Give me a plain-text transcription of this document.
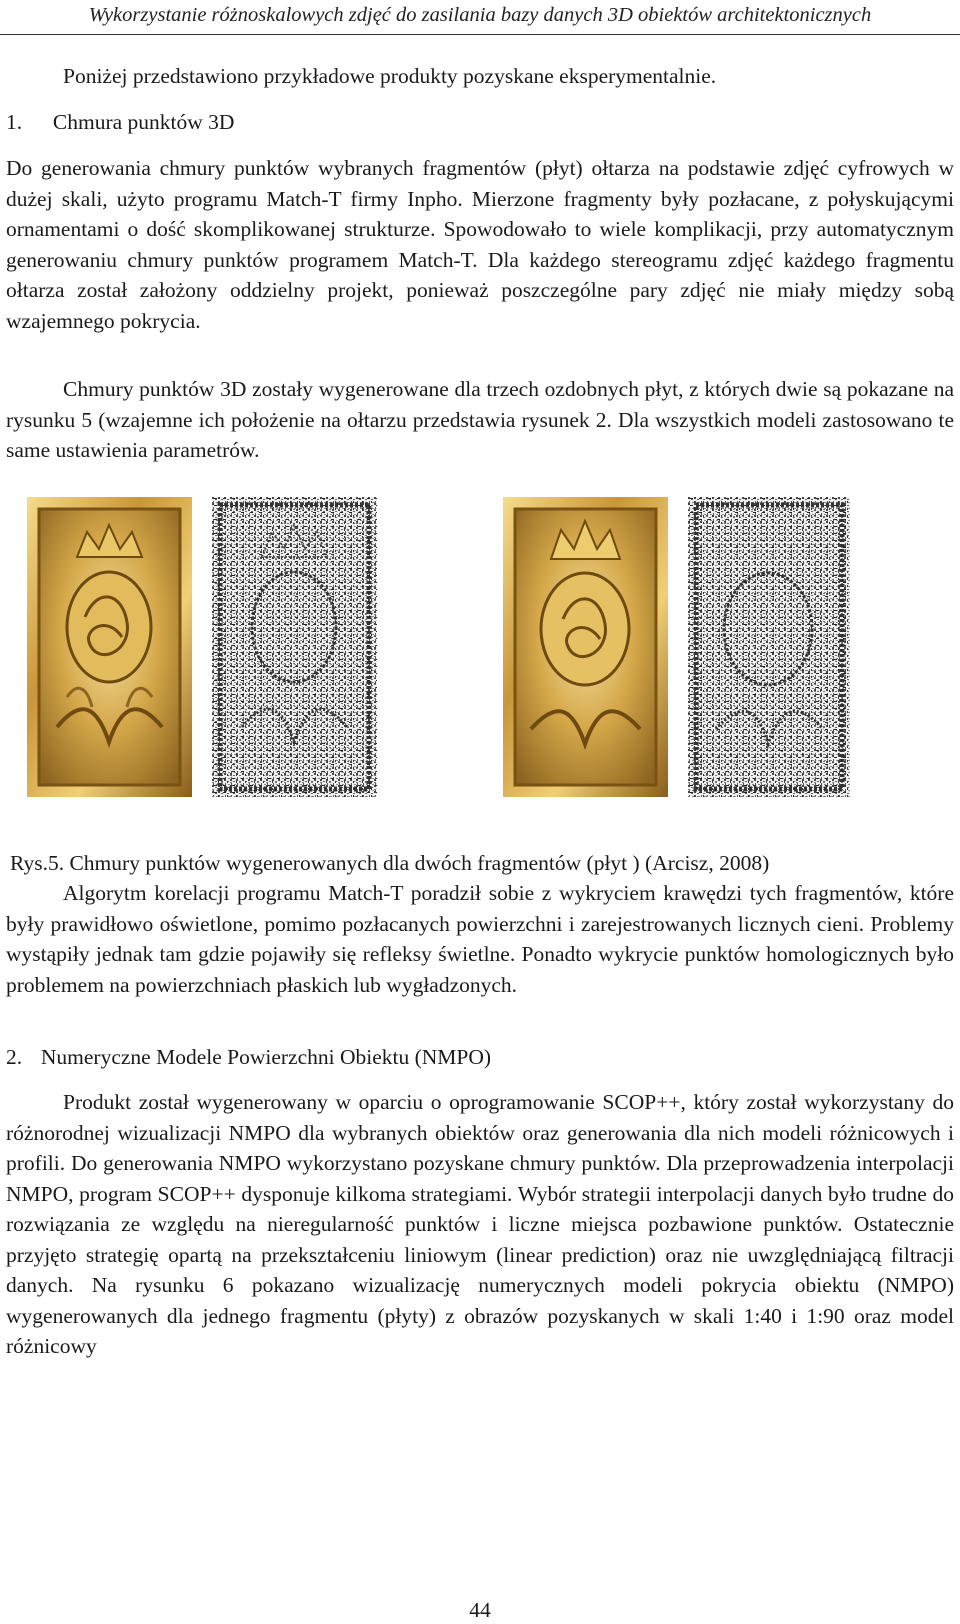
Wykorzystanie różnoskalowych zdjęć do zasilania bazy danych 3D obiektów architektonicznych
Poniżej przedstawiono przykładowe produkty pozyskane eksperymentalnie.
1. Chmura punktów 3D
Do generowania chmury punktów wybranych fragmentów (płyt) ołtarza na podstawie zdjęć cyfrowych w dużej skali, użyto programu Match-T firmy Inpho. Mierzone fragmenty były pozłacane, z połyskującymi ornamentami o dość skomplikowanej strukturze. Spowodowało to wiele komplikacji, przy automatycznym generowaniu chmury punktów programem Match-T. Dla każdego stereogramu zdjęć każdego fragmentu ołtarza został założony oddzielny projekt, ponieważ poszczególne pary zdjęć nie miały między sobą wzajemnego pokrycia.
Chmury punktów 3D zostały wygenerowane dla trzech ozdobnych płyt, z których dwie są pokazane na rysunku 5 (wzajemne ich położenie na ołtarzu przedstawia rysunek 2. Dla wszystkich modeli zastosowano te same ustawienia parametrów.
Rys.5. Chmury punktów wygenerowanych dla dwóch fragmentów (płyt ) (Arcisz, 2008)
Algorytm korelacji programu Match-T poradził sobie z wykryciem krawędzi tych fragmentów, które były prawidłowo oświetlone, pomimo pozłacanych powierzchni i zarejestrowanych licznych cieni. Problemy wystąpiły jednak tam gdzie pojawiły się refleksy świetlne. Ponadto wykrycie punktów homologicznych było problemem na powierzchniach płaskich lub wygładzonych.
2. Numeryczne Modele Powierzchni Obiektu (NMPO)
Produkt został wygenerowany w oparciu o oprogramowanie SCOP++, który został wykorzystany do różnorodnej wizualizacji NMPO dla wybranych obiektów oraz generowania dla nich modeli różnicowych i profili. Do generowania NMPO wykorzystano pozyskane chmury punktów. Dla przeprowadzenia interpolacji NMPO, program SCOP++ dysponuje kilkoma strategiami. Wybór strategii interpolacji danych było trudne do rozwiązania ze względu na nieregularność punktów i liczne miejsca pozbawione punktów. Ostatecznie przyjęto strategię opartą na przekształceniu liniowym (linear prediction) oraz nie uwzględniającą filtracji danych. Na rysunku 6 pokazano wizualizację numerycznych modeli pokrycia obiektu (NMPO) wygenerowanych dla jednego fragmentu (płyty) z obrazów pozyskanych w skali 1:40 i 1:90 oraz model różnicowy
44
